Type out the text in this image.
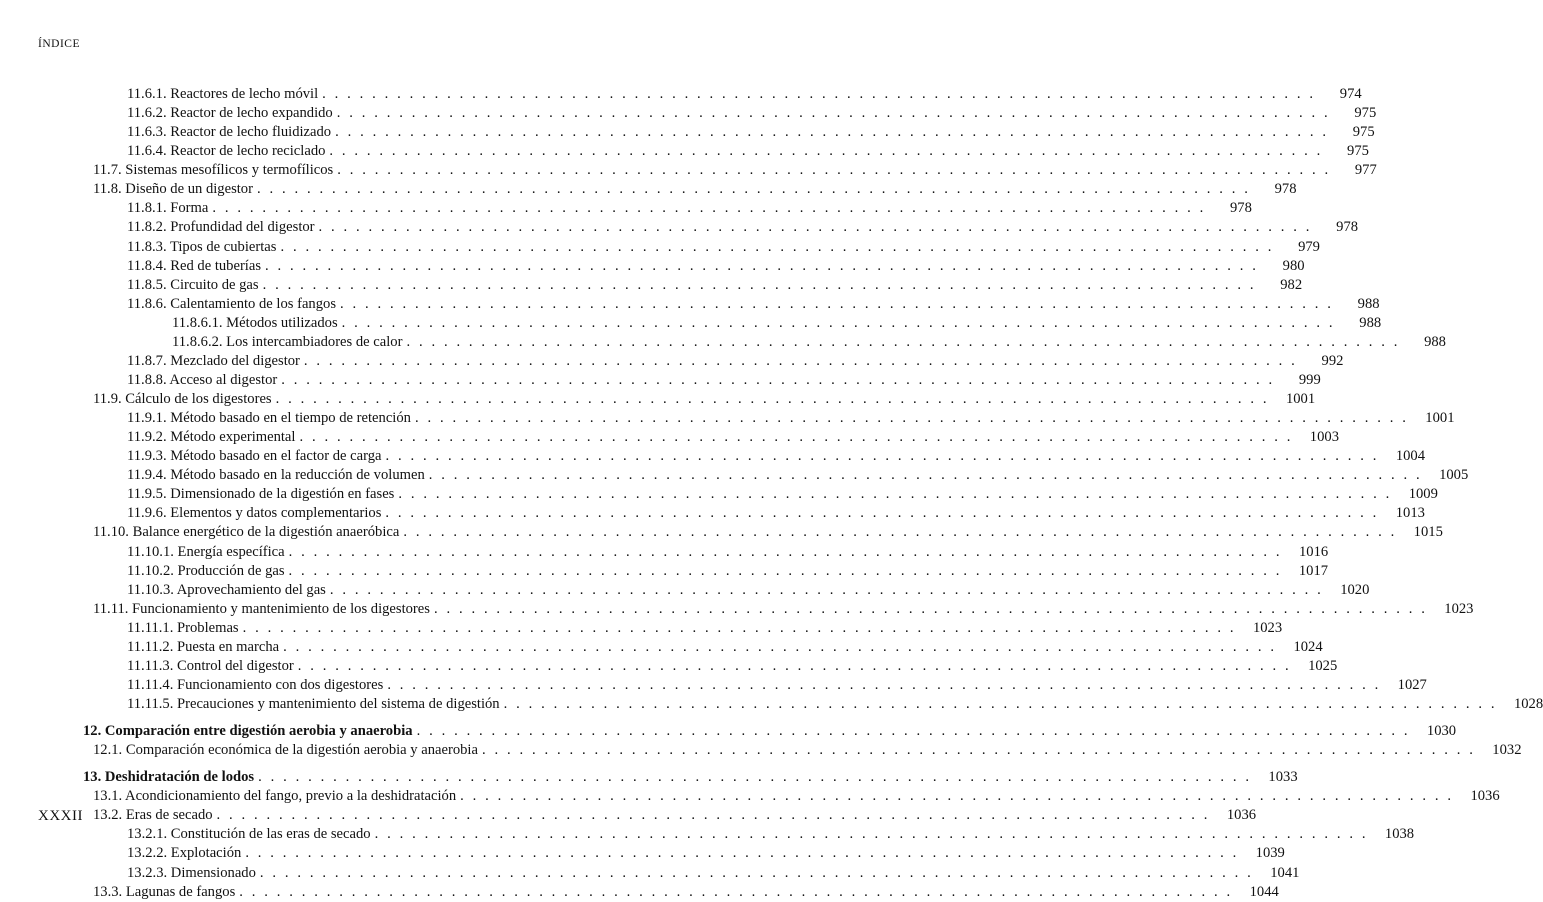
ÍNDICE
11.6.1. Reactores de lecho móvil . . . . . . . . . . . . . . . . . . . . . . . . . . . . . . . . . . . . . . . . . . . . . . . . . . . . . . . . . . . . . . . . . . . . . . . . . . . . . . . .	974
11.6.2. Reactor de lecho expandido . . . . . . . . . . . . . . . . . . . . . . . . . . . . . . . . . . . . . . . . . . . . . . . . . . . . . . . . . . . . . . . . . . . . . . . . . . . . . . . .	975
11.6.3. Reactor de lecho fluidizado . . . . . . . . . . . . . . . . . . . . . . . . . . . . . . . . . . . . . . . . . . . . . . . . . . . . . . . . . . . . . . . . . . . . . . . . . . . . . . . .	975
11.6.4. Reactor de lecho reciclado . . . . . . . . . . . . . . . . . . . . . . . . . . . . . . . . . . . . . . . . . . . . . . . . . . . . . . . . . . . . . . . . . . . . . . . . . . . . . . . .	975
11.7. Sistemas mesofílicos y termofílicos . . . . . . . . . . . . . . . . . . . . . . . . . . . . . . . . . . . . . . . . . . . . . . . . . . . . . . . . . . . . . . . . . . . . . . . . . . . . . . . .	977
11.8. Diseño de un digestor . . . . . . . . . . . . . . . . . . . . . . . . . . . . . . . . . . . . . . . . . . . . . . . . . . . . . . . . . . . . . . . . . . . . . . . . . . . . . . . .	978
11.8.1. Forma . . . . . . . . . . . . . . . . . . . . . . . . . . . . . . . . . . . . . . . . . . . . . . . . . . . . . . . . . . . . . . . . . . . . . . . . . . . . . . . .	978
11.8.2. Profundidad del digestor . . . . . . . . . . . . . . . . . . . . . . . . . . . . . . . . . . . . . . . . . . . . . . . . . . . . . . . . . . . . . . . . . . . . . . . . . . . . . . . .	978
11.8.3. Tipos de cubiertas . . . . . . . . . . . . . . . . . . . . . . . . . . . . . . . . . . . . . . . . . . . . . . . . . . . . . . . . . . . . . . . . . . . . . . . . . . . . . . . .	979
11.8.4. Red de tuberías . . . . . . . . . . . . . . . . . . . . . . . . . . . . . . . . . . . . . . . . . . . . . . . . . . . . . . . . . . . . . . . . . . . . . . . . . . . . . . . .	980
11.8.5. Circuito de gas . . . . . . . . . . . . . . . . . . . . . . . . . . . . . . . . . . . . . . . . . . . . . . . . . . . . . . . . . . . . . . . . . . . . . . . . . . . . . . . .	982
11.8.6. Calentamiento de los fangos . . . . . . . . . . . . . . . . . . . . . . . . . . . . . . . . . . . . . . . . . . . . . . . . . . . . . . . . . . . . . . . . . . . . . . . . . . . . . . . .	988
11.8.6.1. Métodos utilizados . . . . . . . . . . . . . . . . . . . . . . . . . . . . . . . . . . . . . . . . . . . . . . . . . . . . . . . . . . . . . . . . . . . . . . . . . . . . . . . .	988
11.8.6.2. Los intercambiadores de calor . . . . . . . . . . . . . . . . . . . . . . . . . . . . . . . . . . . . . . . . . . . . . . . . . . . . . . . . . . . . . . . . . . . . . . . . . . . . . . . .	988
11.8.7. Mezclado del digestor . . . . . . . . . . . . . . . . . . . . . . . . . . . . . . . . . . . . . . . . . . . . . . . . . . . . . . . . . . . . . . . . . . . . . . . . . . . . . . . .	992
11.8.8. Acceso al digestor . . . . . . . . . . . . . . . . . . . . . . . . . . . . . . . . . . . . . . . . . . . . . . . . . . . . . . . . . . . . . . . . . . . . . . . . . . . . . . . .	999
11.9. Cálculo de los digestores . . . . . . . . . . . . . . . . . . . . . . . . . . . . . . . . . . . . . . . . . . . . . . . . . . . . . . . . . . . . . . . . . . . . . . . . . . . . . . . . 1001
11.9.1. Método basado en el tiempo de retención . . . . . . . . . . . . . . . . . . . . . . . . . . . . . . . . . . . . . . . . . . . . . . . . . . . . . . . . . . . . . . . . . . . . . . . . . . . . . . . . 1001
11.9.2. Método experimental . . . . . . . . . . . . . . . . . . . . . . . . . . . . . . . . . . . . . . . . . . . . . . . . . . . . . . . . . . . . . . . . . . . . . . . . . . . . . . . . 1003
11.9.3. Método basado en el factor de carga . . . . . . . . . . . . . . . . . . . . . . . . . . . . . . . . . . . . . . . . . . . . . . . . . . . . . . . . . . . . . . . . . . . . . . . . . . . . . . . . 1004
11.9.4. Método basado en la reducción de volumen . . . . . . . . . . . . . . . . . . . . . . . . . . . . . . . . . . . . . . . . . . . . . . . . . . . . . . . . . . . . . . . . . . . . . . . . . . . . . . . . 1005
11.9.5. Dimensionado de la digestión en fases . . . . . . . . . . . . . . . . . . . . . . . . . . . . . . . . . . . . . . . . . . . . . . . . . . . . . . . . . . . . . . . . . . . . . . . . . . . . . . . . 1009
11.9.6. Elementos y datos complementarios . . . . . . . . . . . . . . . . . . . . . . . . . . . . . . . . . . . . . . . . . . . . . . . . . . . . . . . . . . . . . . . . . . . . . . . . . . . . . . . . 1013
11.10. Balance energético de la digestión anaeróbica . . . . . . . . . . . . . . . . . . . . . . . . . . . . . . . . . . . . . . . . . . . . . . . . . . . . . . . . . . . . . . . . . . . . . . . . . . . . . . . . 1015
11.10.1. Energía específica . . . . . . . . . . . . . . . . . . . . . . . . . . . . . . . . . . . . . . . . . . . . . . . . . . . . . . . . . . . . . . . . . . . . . . . . . . . . . . . . 1016
11.10.2. Producción de gas . . . . . . . . . . . . . . . . . . . . . . . . . . . . . . . . . . . . . . . . . . . . . . . . . . . . . . . . . . . . . . . . . . . . . . . . . . . . . . . . 1017
11.10.3. Aprovechamiento del gas . . . . . . . . . . . . . . . . . . . . . . . . . . . . . . . . . . . . . . . . . . . . . . . . . . . . . . . . . . . . . . . . . . . . . . . . . . . . . . . . 1020
11.11. Funcionamiento y mantenimiento de los digestores . . . . . . . . . . . . . . . . . . . . . . . . . . . . . . . . . . . . . . . . . . . . . . . . . . . . . . . . . . . . . . . . . . . . . . . . . . . . . . . . 1023
11.11.1. Problemas . . . . . . . . . . . . . . . . . . . . . . . . . . . . . . . . . . . . . . . . . . . . . . . . . . . . . . . . . . . . . . . . . . . . . . . . . . . . . . . . 1023
11.11.2. Puesta en marcha . . . . . . . . . . . . . . . . . . . . . . . . . . . . . . . . . . . . . . . . . . . . . . . . . . . . . . . . . . . . . . . . . . . . . . . . . . . . . . . . 1024
11.11.3. Control del digestor . . . . . . . . . . . . . . . . . . . . . . . . . . . . . . . . . . . . . . . . . . . . . . . . . . . . . . . . . . . . . . . . . . . . . . . . . . . . . . . . 1025
11.11.4. Funcionamiento con dos digestores . . . . . . . . . . . . . . . . . . . . . . . . . . . . . . . . . . . . . . . . . . . . . . . . . . . . . . . . . . . . . . . . . . . . . . . . . . . . . . . . 1027
11.11.5. Precauciones y mantenimiento del sistema de digestión . . . . . . . . . . . . . . . . . . . . . . . . . . . . . . . . . . . . . . . . . . . . . . . . . . . . . . . . . . . . . . . . . . . . . . . . . . . . . . . . 1028
12. Comparación entre digestión aerobia y anaerobia . . . . . . . . . . . . . . . . . . . . . . . . . . . . . . . . . . . . . . . . . . . . . . . . . . . . . . . . . . . . . . . . . . . . . . . . . . . . . . . . 1030
12.1. Comparación económica de la digestión aerobia y anaerobia . . . . . . . . . . . . . . . . . . . . . . . . . . . . . . . . . . . . . . . . . . . . . . . . . . . . . . . . . . . . . . . . . . . . . . . . . . . . . . . . 1032
13. Deshidratación de lodos . . . . . . . . . . . . . . . . . . . . . . . . . . . . . . . . . . . . . . . . . . . . . . . . . . . . . . . . . . . . . . . . . . . . . . . . . . . . . . . . 1033
13.1. Acondicionamiento del fango, previo a la deshidratación . . . . . . . . . . . . . . . . . . . . . . . . . . . . . . . . . . . . . . . . . . . . . . . . . . . . . . . . . . . . . . . . . . . . . . . . . . . . . . . . 1036
13.2. Eras de secado . . . . . . . . . . . . . . . . . . . . . . . . . . . . . . . . . . . . . . . . . . . . . . . . . . . . . . . . . . . . . . . . . . . . . . . . . . . . . . . . 1036
13.2.1. Constitución de las eras de secado . . . . . . . . . . . . . . . . . . . . . . . . . . . . . . . . . . . . . . . . . . . . . . . . . . . . . . . . . . . . . . . . . . . . . . . . . . . . . . . . 1038
13.2.2. Explotación . . . . . . . . . . . . . . . . . . . . . . . . . . . . . . . . . . . . . . . . . . . . . . . . . . . . . . . . . . . . . . . . . . . . . . . . . . . . . . . . 1039
13.2.3. Dimensionado . . . . . . . . . . . . . . . . . . . . . . . . . . . . . . . . . . . . . . . . . . . . . . . . . . . . . . . . . . . . . . . . . . . . . . . . . . . . . . . . 1041
13.3. Lagunas de fangos . . . . . . . . . . . . . . . . . . . . . . . . . . . . . . . . . . . . . . . . . . . . . . . . . . . . . . . . . . . . . . . . . . . . . . . . . . . . . . . . 1044
XXXII
